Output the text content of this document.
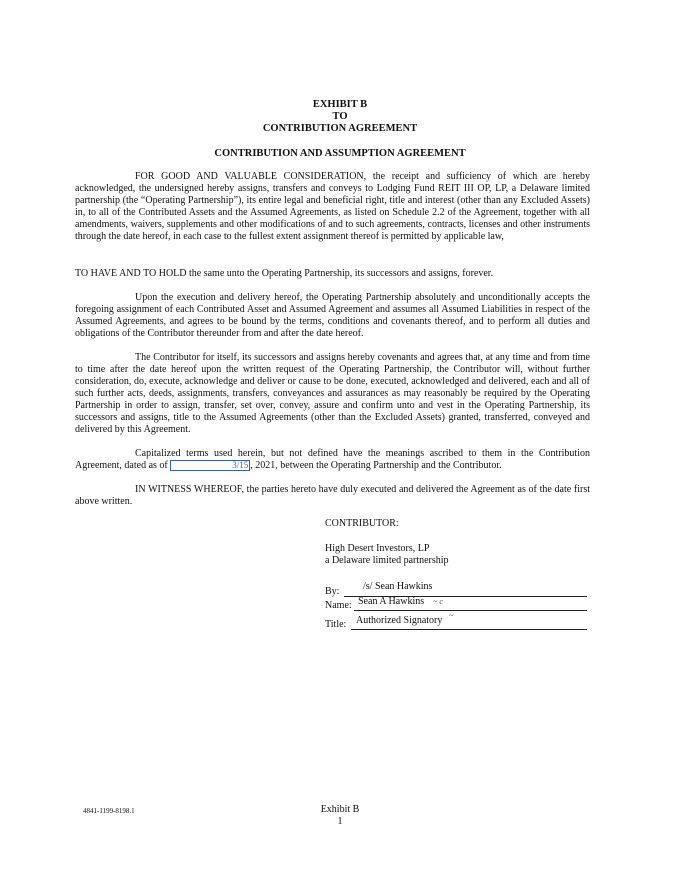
EXHIBIT B
TO
CONTRIBUTION AGREEMENT
CONTRIBUTION AND ASSUMPTION AGREEMENT

FOR GOOD AND VALUABLE CONSIDERATION, the receipt and sufficiency of which are hereby acknowledged, the undersigned hereby assigns, transfers and conveys to Lodging Fund REIT III OP, LP, a Delaware limited partnership (the “Operating Partnership”), its entire legal and beneficial right, title and interest (other than any Excluded Assets) in, to all of the Contributed Assets and the Assumed Agreements, as listed on Schedule 2.2 of the Agreement, together with all amendments, waivers, supplements and other modifications of and to such agreements, contracts, licenses and other instruments through the date hereof, in each case to the fullest extent assignment thereof is permitted by applicable law,

TO HAVE AND TO HOLD the same unto the Operating Partnership, its successors and assigns, forever.

Upon the execution and delivery hereof, the Operating Partnership absolutely and unconditionally accepts the foregoing assignment of each Contributed Asset and Assumed Agreement and assumes all Assumed Liabilities in respect of the Assumed Agreements, and agrees to be bound by the terms, conditions and covenants thereof, and to perform all duties and obligations of the Contributor thereunder from and after the date hereof.

The Contributor for itself, its successors and assigns hereby covenants and agrees that, at any time and from time to time after the date hereof upon the written request of the Operating Partnership, the Contributor will, without further consideration, do, execute, acknowledge and deliver or cause to be done, executed, acknowledged and delivered, each and all of such further acts, deeds, assignments, transfers, conveyances and assurances as may reasonably be required by the Operating Partnership in order to assign, transfer, set over, convey, assure and confirm unto and vest in the Operating Partnership, its successors and assigns, title to the Assumed Agreements (other than the Excluded Assets) granted, transferred, conveyed and delivered by this Agreement.

Capitalized terms used herein, but not defined have the meanings ascribed to them in the Contribution Agreement, dated as of	3/15 , 2021, between the Operating Partnership and the Contributor.

IN WITNESS WHEREOF, the parties hereto have duly executed and delivered the Agreement as of the date first above written.

CONTRIBUTOR:
High Desert Investors, LP
a Delaware limited partnership
By: /s/ Sean Hawkins
Name: Sean A Hawkins ~ c
Title: Authorized Signatory ~
4841-1199-8198.1	Exhibit B
1
